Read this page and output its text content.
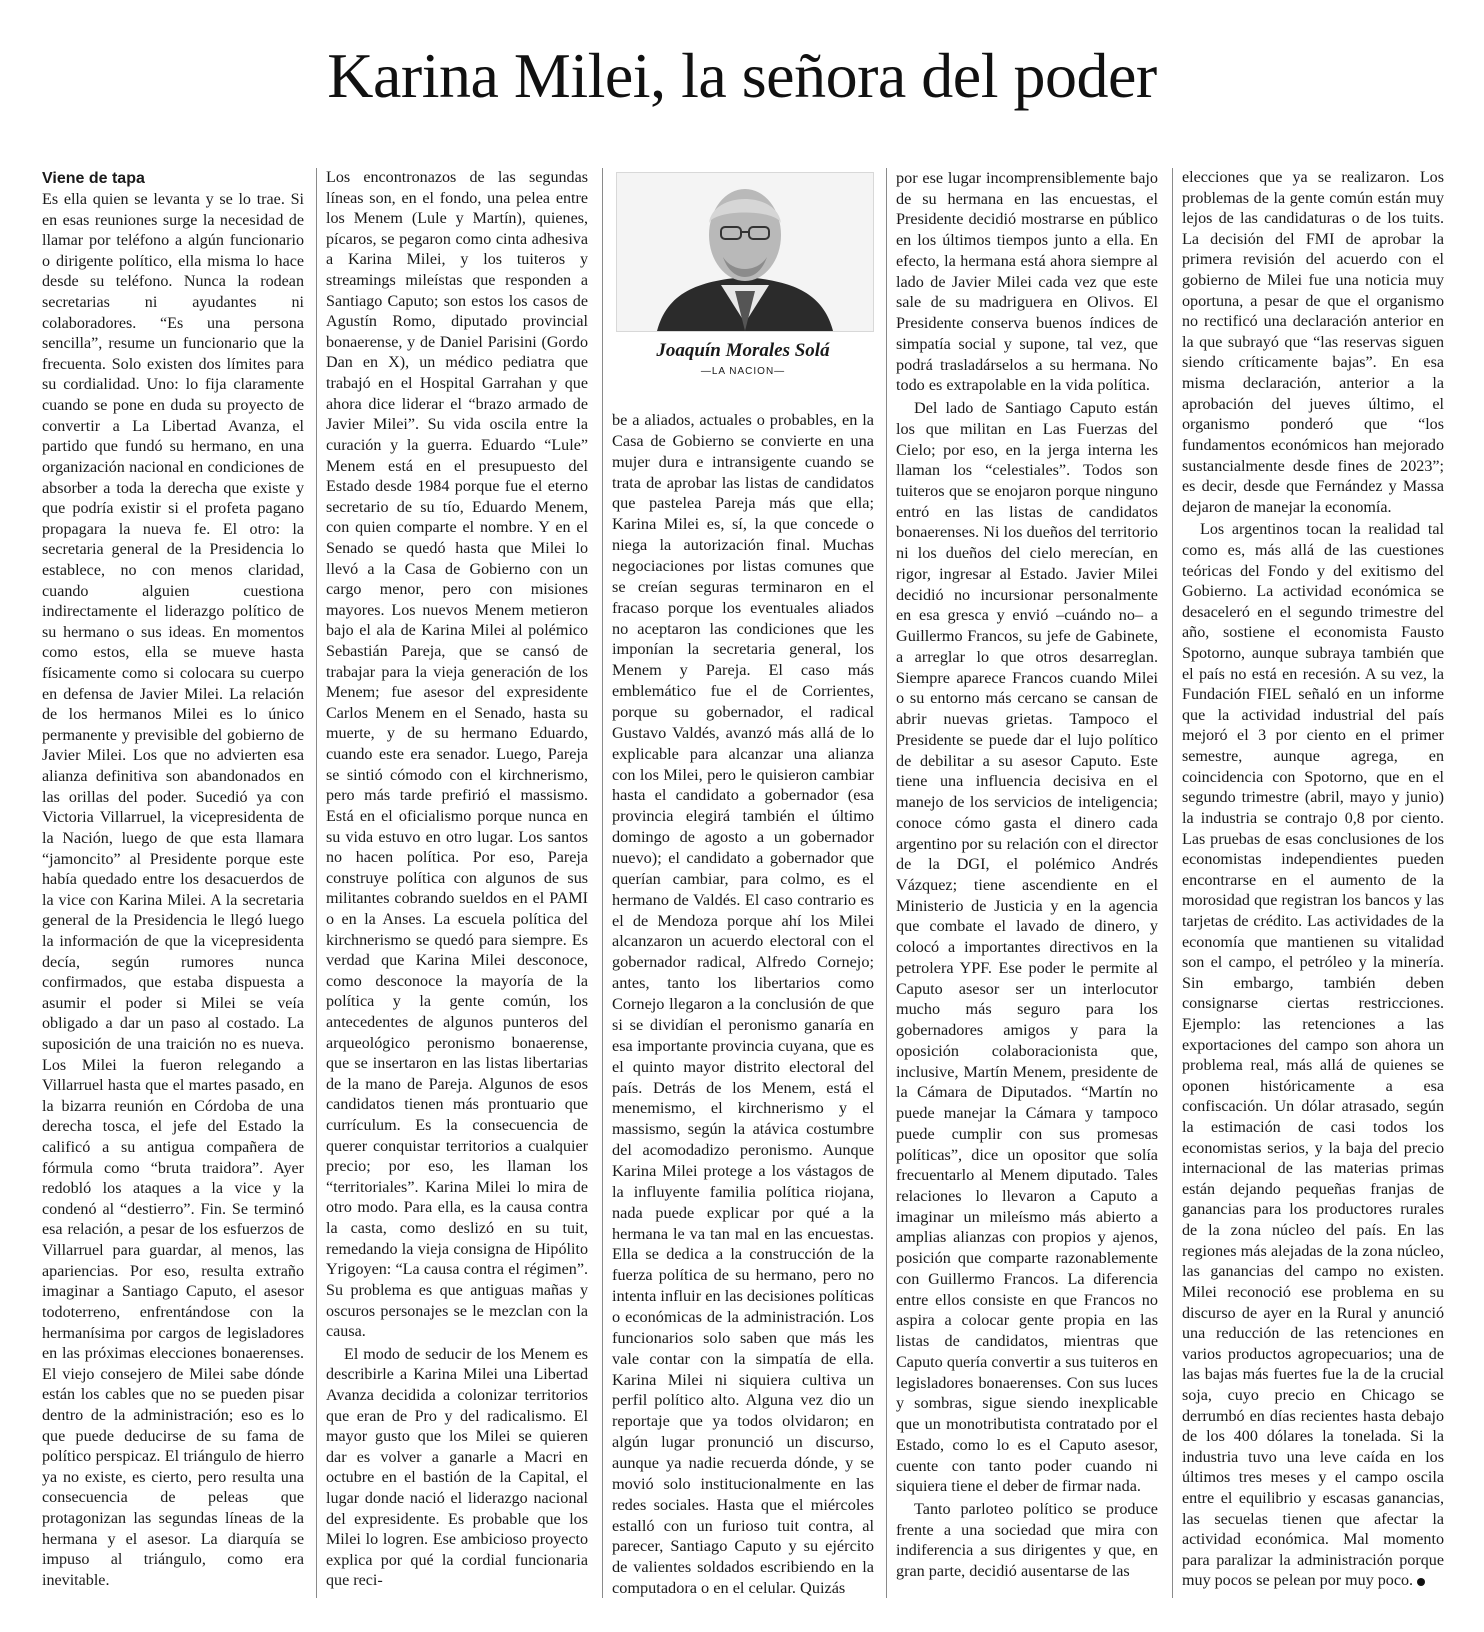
Karina Milei, la señora del poder
Viene de tapa

Es ella quien se levanta y se lo trae. Si en esas reuniones surge la necesidad de llamar por teléfono a algún funcionario o dirigente político, ella misma lo hace desde su teléfono. Nunca la rodean secretarias ni ayudantes ni colaboradores. “Es una persona sencilla”, resume un funcionario que la frecuenta. Solo existen dos límites para su cordialidad. Uno: lo fija claramente cuando se pone en duda su proyecto de convertir a La Libertad Avanza, el partido que fundó su hermano, en una organización nacional en condiciones de absorber a toda la derecha que existe y que podría existir si el profeta pagano propagara la nueva fe. El otro: la secretaria general de la Presidencia lo establece, no con menos claridad, cuando alguien cuestiona indirectamente el liderazgo político de su hermano o sus ideas. En momentos como estos, ella se mueve hasta físicamente como si colocara su cuerpo en defensa de Javier Milei. La relación de los hermanos Milei es lo único permanente y previsible del gobierno de Javier Milei. Los que no advierten esa alianza definitiva son abandonados en las orillas del poder. Sucedió ya con Victoria Villarruel, la vicepresidenta de la Nación, luego de que esta llamara “jamoncito” al Presidente porque este había quedado entre los desacuerdos de la vice con Karina Milei. A la secretaria general de la Presidencia le llegó luego la información de que la vicepresidenta decía, según rumores nunca confirmados, que estaba dispuesta a asumir el poder si Milei se veía obligado a dar un paso al costado. La suposición de una traición no es nueva. Los Milei la fueron relegando a Villarruel hasta que el martes pasado, en la bizarra reunión en Córdoba de una derecha tosca, el jefe del Estado la calificó a su antigua compañera de fórmula como “bruta traidora”. Ayer redobló los ataques a la vice y la condenó al “destierro”. Fin. Se terminó esa relación, a pesar de los esfuerzos de Villarruel para guardar, al menos, las apariencias. Por eso, resulta extraño imaginar a Santiago Caputo, el asesor todoterreno, enfrentándose con la hermanísima por cargos de legisladores en las próximas elecciones bonaerenses. El viejo consejero de Milei sabe dónde están los cables que no se pueden pisar dentro de la administración; eso es lo que puede deducirse de su fama de político perspicaz. El triángulo de hierro ya no existe, es cierto, pero resulta una consecuencia de peleas que protagonizan las segundas líneas de la hermana y el asesor. La diarquía se impuso al triángulo, como era inevitable.

Los encontronazos de las segundas líneas son, en el fondo, una pelea entre los Menem (Lule y Martín), quienes, pícaros, se pegaron como cinta adhesiva a Karina Milei, y los tuiteros y streamings mileístas que responden a Santiago Caputo; son estos los casos de Agustín Romo, diputado provincial bonaerense, y de Daniel Parisini (Gordo Dan en X), un médico pediatra que trabajó en el Hospital Garrahan y que ahora dice liderar el “brazo armado de Javier Milei”. Su vida oscila entre la curación y la guerra. Eduardo “Lule” Menem está en el presupuesto del Estado desde 1984 porque fue el eterno secretario de su tío, Eduardo Menem, con quien comparte el nombre. Y en el Senado se quedó hasta que Milei lo llevó a la Casa de Gobierno con un cargo menor, pero con misiones mayores. Los nuevos Menem metieron bajo el ala de Karina Milei al polémico Sebastián Pareja, que se cansó de trabajar para la vieja generación de los Menem; fue asesor del expresidente Carlos Menem en el Senado, hasta su muerte, y de su hermano Eduardo, cuando este era senador. Luego, Pareja se sintió cómodo con el kirchnerismo, pero más tarde prefirió el massismo. Está en el oficialismo porque nunca en su vida estuvo en otro lugar. Los santos no hacen política. Por eso, Pareja construye política con algunos de sus militantes cobrando sueldos en el PAMI o en la Anses. La escuela política del kirchnerismo se quedó para siempre. Es verdad que Karina Milei desconoce, como desconoce la mayoría de la política y la gente común, los antecedentes de algunos punteros del arqueológico peronismo bonaerense, que se insertaron en las listas libertarias de la mano de Pareja. Algunos de esos candidatos tienen más prontuario que currículum. Es la consecuencia de querer conquistar territorios a cualquier precio; por eso, les llaman los “territoriales”. Karina Milei lo mira de otro modo. Para ella, es la causa contra la casta, como deslizó en su tuit, remedando la vieja consigna de Hipólito Yrigoyen: “La causa contra el régimen”. Su problema es que antiguas mañas y oscuros personajes se le mezclan con la causa.

El modo de seducir de los Menem es describirle a Karina Milei una Libertad Avanza decidida a colonizar territorios que eran de Pro y del radicalismo. El mayor gusto que los Milei se quieren dar es volver a ganarle a Macri en octubre en el bastión de la Capital, el lugar donde nació el liderazgo nacional del expresidente. Es probable que los Milei lo logren. Ese ambicioso proyecto explica por qué la cordial funcionaria que reci-

Joaquín Morales Solá
—LA NACION—

be a aliados, actuales o probables, en la Casa de Gobierno se convierte en una mujer dura e intransigente cuando se trata de aprobar las listas de candidatos que pastelea Pareja más que ella; Karina Milei es, sí, la que concede o niega la autorización final. Muchas negociaciones por listas comunes que se creían seguras terminaron en el fracaso porque los eventuales aliados no aceptaron las condiciones que les imponían la secretaria general, los Menem y Pareja. El caso más emblemático fue el de Corrientes, porque su gobernador, el radical Gustavo Valdés, avanzó más allá de lo explicable para alcanzar una alianza con los Milei, pero le quisieron cambiar hasta el candidato a gobernador (esa provincia elegirá también el último domingo de agosto a un gobernador nuevo); el candidato a gobernador que querían cambiar, para colmo, es el hermano de Valdés. El caso contrario es el de Mendoza porque ahí los Milei alcanzaron un acuerdo electoral con el gobernador radical, Alfredo Cornejo; antes, tanto los libertarios como Cornejo llegaron a la conclusión de que si se dividían el peronismo ganaría en esa importante provincia cuyana, que es el quinto mayor distrito electoral del país. Detrás de los Menem, está el menemismo, el kirchnerismo y el massismo, según la atávica costumbre del acomodadizo peronismo. Aunque Karina Milei protege a los vástagos de la influyente familia política riojana, nada puede explicar por qué a la hermana le va tan mal en las encuestas. Ella se dedica a la construcción de la fuerza política de su hermano, pero no intenta influir en las decisiones políticas o económicas de la administración. Los funcionarios solo saben que más les vale contar con la simpatía de ella. Karina Milei ni siquiera cultiva un perfil político alto. Alguna vez dio un reportaje que ya todos olvidaron; en algún lugar pronunció un discurso, aunque ya nadie recuerda dónde, y se movió solo institucionalmente en las redes sociales. Hasta que el miércoles estalló con un furioso tuit contra, al parecer, Santiago Caputo y su ejército de valientes soldados escribiendo en la computadora o en el celular. Quizás

por ese lugar incomprensiblemente bajo de su hermana en las encuestas, el Presidente decidió mostrarse en público en los últimos tiempos junto a ella. En efecto, la hermana está ahora siempre al lado de Javier Milei cada vez que este sale de su madriguera en Olivos. El Presidente conserva buenos índices de simpatía social y supone, tal vez, que podrá trasladárselos a su hermana. No todo es extrapolable en la vida política.

Del lado de Santiago Caputo están los que militan en Las Fuerzas del Cielo; por eso, en la jerga interna les llaman los “celestiales”. Todos son tuiteros que se enojaron porque ninguno entró en las listas de candidatos bonaerenses. Ni los dueños del territorio ni los dueños del cielo merecían, en rigor, ingresar al Estado. Javier Milei decidió no incursionar personalmente en esa gresca y envió –cuándo no– a Guillermo Francos, su jefe de Gabinete, a arreglar lo que otros desarreglan. Siempre aparece Francos cuando Milei o su entorno más cercano se cansan de abrir nuevas grietas. Tampoco el Presidente se puede dar el lujo político de debilitar a su asesor Caputo. Este tiene una influencia decisiva en el manejo de los servicios de inteligencia; conoce cómo gasta el dinero cada argentino por su relación con el director de la DGI, el polémico Andrés Vázquez; tiene ascendiente en el Ministerio de Justicia y en la agencia que combate el lavado de dinero, y colocó a importantes directivos en la petrolera YPF. Ese poder le permite al Caputo asesor ser un interlocutor mucho más seguro para los gobernadores amigos y para la oposición colaboracionista que, inclusive, Martín Menem, presidente de la Cámara de Diputados. “Martín no puede manejar la Cámara y tampoco puede cumplir con sus promesas políticas”, dice un opositor que solía frecuentarlo al Menem diputado. Tales relaciones lo llevaron a Caputo a imaginar un mileísmo más abierto a amplias alianzas con propios y ajenos, posición que comparte razonablemente con Guillermo Francos. La diferencia entre ellos consiste en que Francos no aspira a colocar gente propia en las listas de candidatos, mientras que Caputo quería convertir a sus tuiteros en legisladores bonaerenses. Con sus luces y sombras, sigue siendo inexplicable que un monotributista contratado por el Estado, como lo es el Caputo asesor, cuente con tanto poder cuando ni siquiera tiene el deber de firmar nada.

Tanto parloteo político se produce frente a una sociedad que mira con indiferencia a sus dirigentes y que, en gran parte, decidió ausentarse de las

elecciones que ya se realizaron. Los problemas de la gente común están muy lejos de las candidaturas o de los tuits. La decisión del FMI de aprobar la primera revisión del acuerdo con el gobierno de Milei fue una noticia muy oportuna, a pesar de que el organismo no rectificó una declaración anterior en la que subrayó que “las reservas siguen siendo críticamente bajas”. En esa misma declaración, anterior a la aprobación del jueves último, el organismo ponderó que “los fundamentos económicos han mejorado sustancialmente desde fines de 2023”; es decir, desde que Fernández y Massa dejaron de manejar la economía.

Los argentinos tocan la realidad tal como es, más allá de las cuestiones teóricas del Fondo y del exitismo del Gobierno. La actividad económica se desaceleró en el segundo trimestre del año, sostiene el economista Fausto Spotorno, aunque subraya también que el país no está en recesión. A su vez, la Fundación FIEL señaló en un informe que la actividad industrial del país mejoró el 3 por ciento en el primer semestre, aunque agrega, en coincidencia con Spotorno, que en el segundo trimestre (abril, mayo y junio) la industria se contrajo 0,8 por ciento. Las pruebas de esas conclusiones de los economistas independientes pueden encontrarse en el aumento de la morosidad que registran los bancos y las tarjetas de crédito. Las actividades de la economía que mantienen su vitalidad son el campo, el petróleo y la minería. Sin embargo, también deben consignarse ciertas restricciones. Ejemplo: las retenciones a las exportaciones del campo son ahora un problema real, más allá de quienes se oponen históricamente a esa confiscación. Un dólar atrasado, según la estimación de casi todos los economistas serios, y la baja del precio internacional de las materias primas están dejando pequeñas franjas de ganancias para los productores rurales de la zona núcleo del país. En las regiones más alejadas de la zona núcleo, las ganancias del campo no existen. Milei reconoció ese problema en su discurso de ayer en la Rural y anunció una reducción de las retenciones en varios productos agropecuarios; una de las bajas más fuertes fue la de la crucial soja, cuyo precio en Chicago se derrumbó en días recientes hasta debajo de los 400 dólares la tonelada. Si la industria tuvo una leve caída en los últimos tres meses y el campo oscila entre el equilibrio y escasas ganancias, las secuelas tienen que afectar la actividad económica. Mal momento para paralizar la administración porque muy pocos se pelean por muy poco.
